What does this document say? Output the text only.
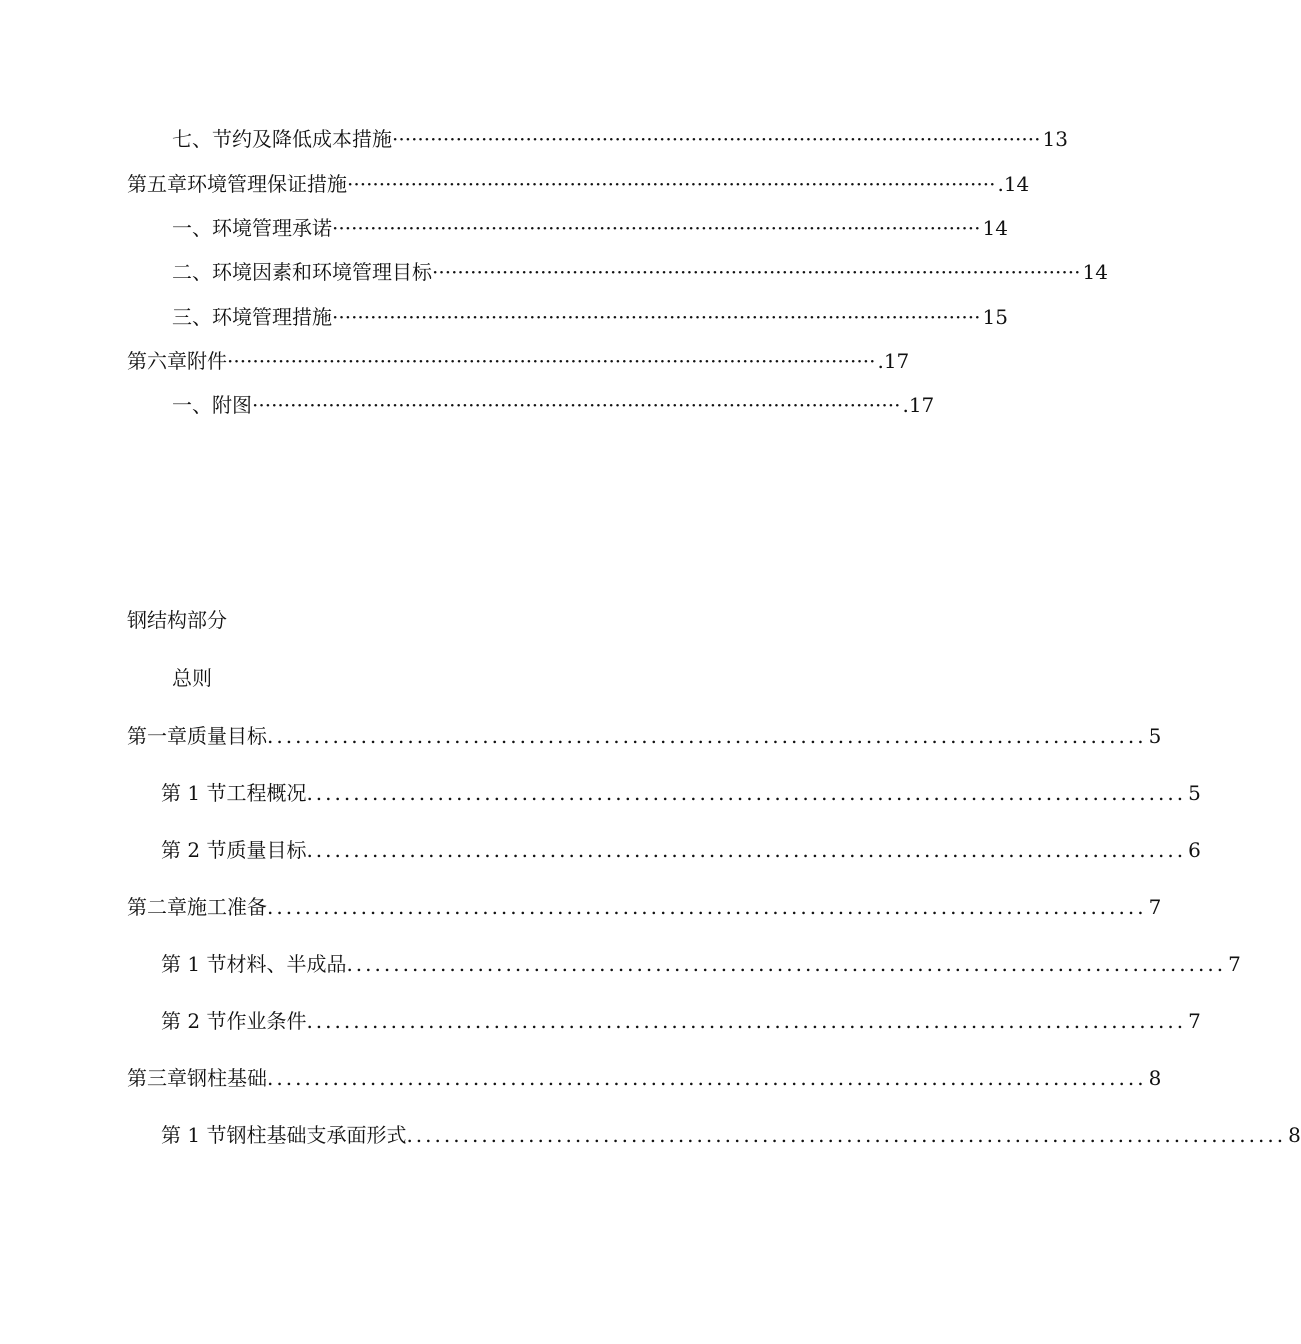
七、节约及降低成本措施 ······································································································ 13
第五章 环境管理保证措施 ······································································································ .14
一、环境管理承诺 ······································································································ 14
二、环境因素和环境管理目标 ······································································································ 14
三、环境管理措施 ······································································································ 15
第六章 附件 ······································································································ .17
一、附图 ······································································································ .17
钢结构部分
总则
第一章 质量目标 .............................................................................................. 5
第 1 节 工程概况 .............................................................................................. 5
第 2 节 质量目标 .............................................................................................. 6
第二章 施工准备 .............................................................................................. 7
第 1 节 材料、半成品 .............................................................................................. 7
第 2 节 作业条件 .............................................................................................. 7
第三章 钢柱基础 .............................................................................................. 8
第 1 节 钢柱基础支承面形式 .............................................................................................. 8
